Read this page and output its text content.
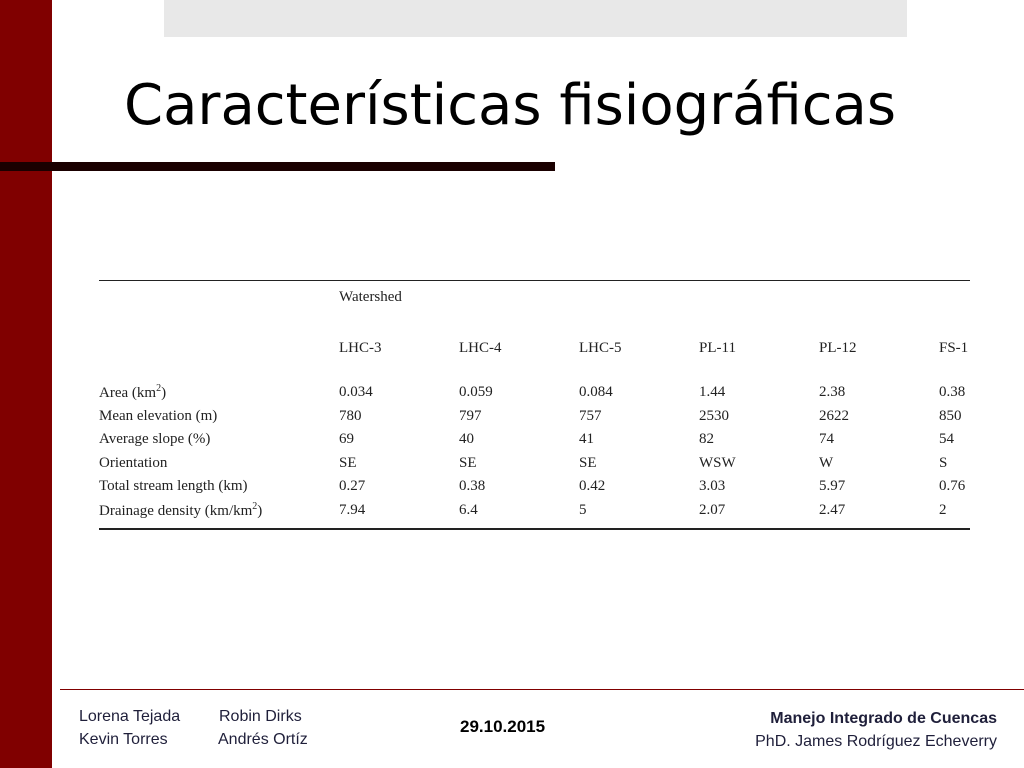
Características fisiográficas
	Watershed					
	LHC-3	LHC-4	LHC-5	PL-11	PL-12	FS-1

Area $(km^2)$	0.034	0.059	0.084	1.44	2.38	0.38
Mean elevation (m)	780	797	757	2530	2622	850
Average slope (%)	69	40	41	82	74	54
Orientation	SE	SE	SE	WSW	W	S
Total stream length (km)	0.27	0.38	0.42	3.03	5.97	0.76
Drainage density $(km/km^2)$	7.94	6.4	5	2.07	2.47	2
Lorena Tejada Robin Dirks
Kevin Torres	Andrés Ortíz
29.10.2015	Manejo Integrado de Cuencas
PhD. James Rodríguez Echeverry
